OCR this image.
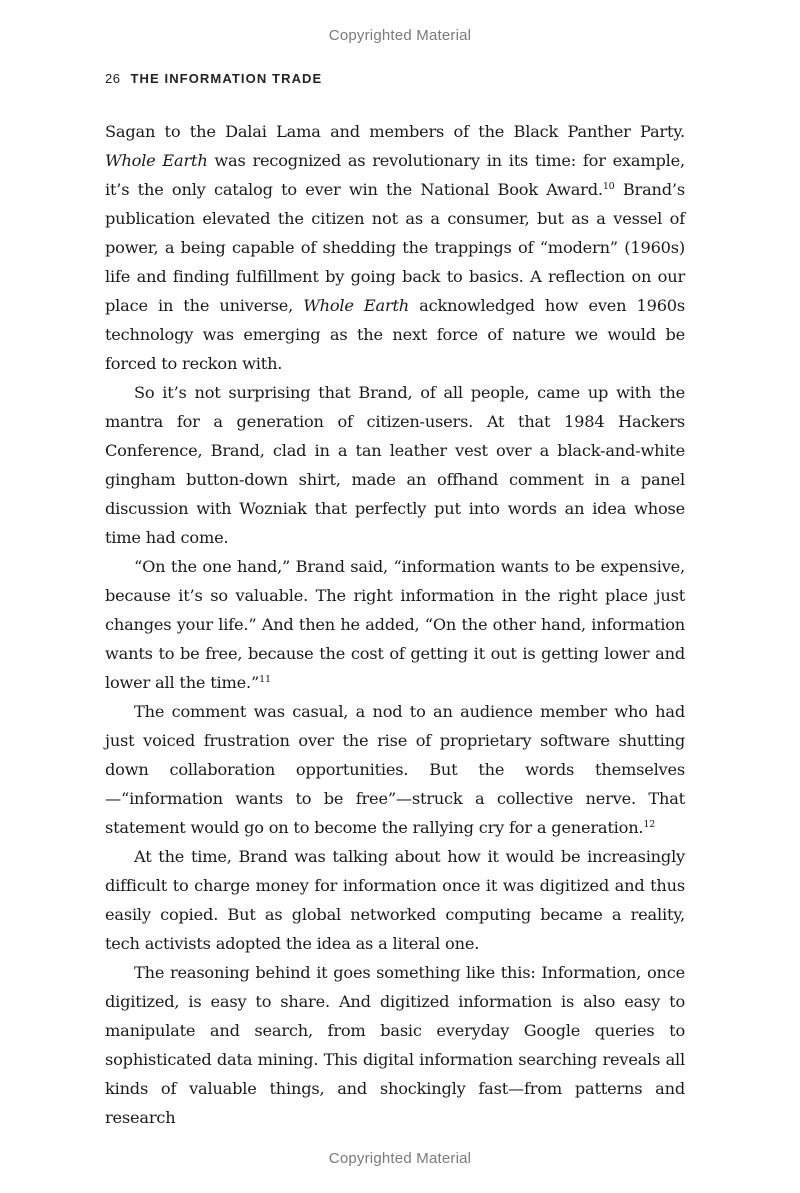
Copyrighted Material
26 THE INFORMATION TRADE

Sagan to the Dalai Lama and members of the Black Panther Party. Whole Earth was recognized as revolutionary in its time: for example, it’s the only catalog to ever win the National Book Award.$^{10}$ Brand’s publication elevated the citizen not as a consumer, but as a vessel of power, a being capable of shedding the trappings of “modern” (1960s) life and finding fulfillment by going back to basics. A reflection on our place in the universe, Whole Earth acknowledged how even 1960s technology was emerging as the next force of nature we would be forced to reckon with.

So it’s not surprising that Brand, of all people, came up with the mantra for a generation of citizen-users. At that 1984 Hackers Conference, Brand, clad in a tan leather vest over a black-and-white gingham button-down shirt, made an offhand comment in a panel discussion with Wozniak that perfectly put into words an idea whose time had come.

“On the one hand,” Brand said, “information wants to be expensive, because it’s so valuable. The right information in the right place just changes your life.” And then he added, “On the other hand, information wants to be free, because the cost of getting it out is getting lower and lower all the time.”$^{11}$

The comment was casual, a nod to an audience member who had just voiced frustration over the rise of proprietary software shutting down collaboration opportunities. But the words themselves—“information wants to be free”—struck a collective nerve. That statement would go on to become the rallying cry for a generation.$^{12}$

At the time, Brand was talking about how it would be increasingly difficult to charge money for information once it was digitized and thus easily copied. But as global networked computing became a reality, tech activists adopted the idea as a literal one.

The reasoning behind it goes something like this: Information, once digitized, is easy to share. And digitized information is also easy to manipulate and search, from basic everyday Google queries to sophisticated data mining. This digital information searching reveals all kinds of valuable things, and shockingly fast—from patterns and research

Copyrighted Material
